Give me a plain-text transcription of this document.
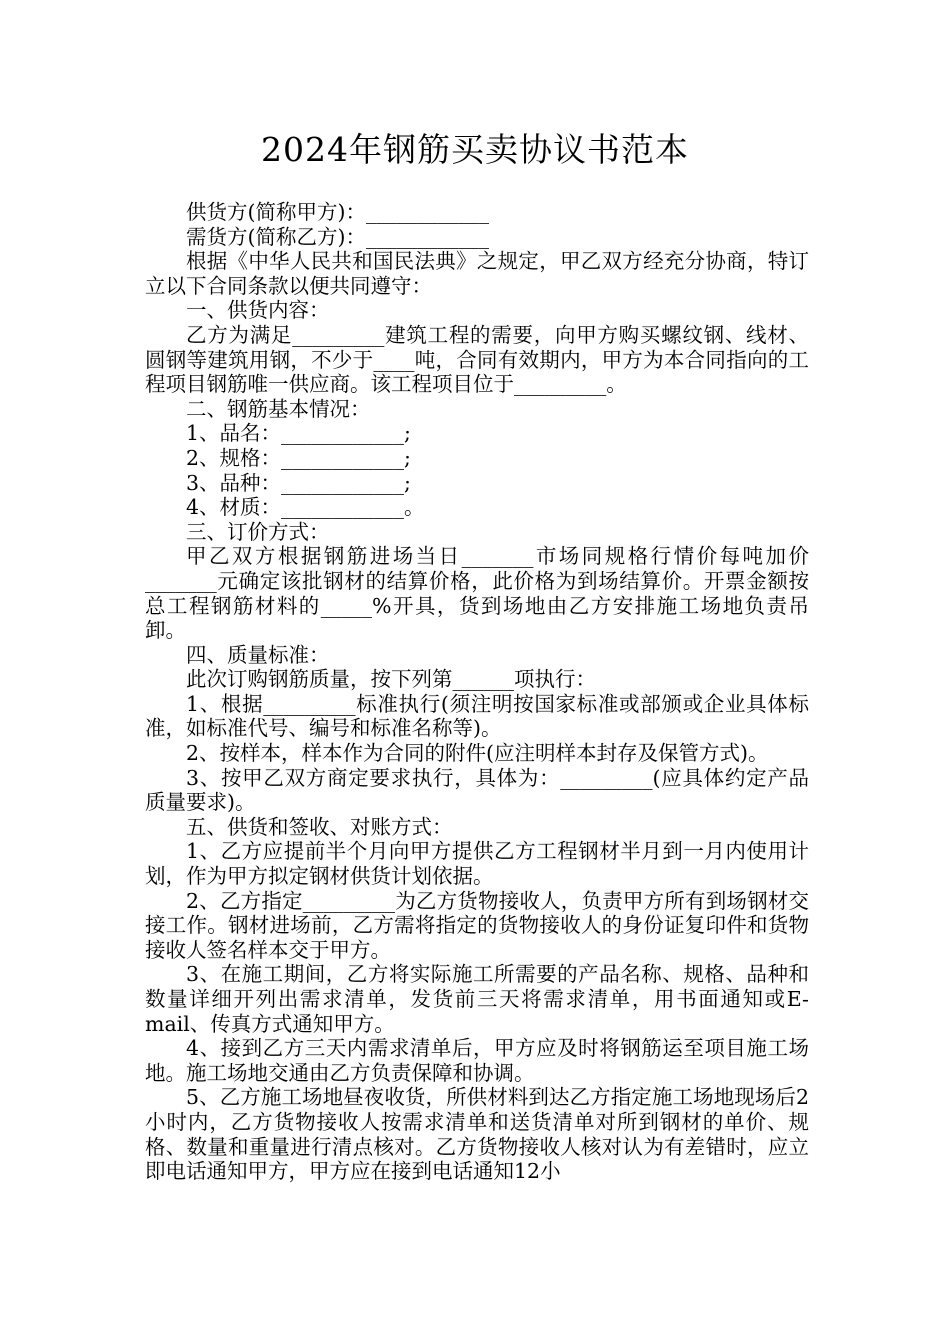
2024年钢筋买卖协议书范本

供货方(简称甲方)：____________

需货方(简称乙方)：____________

根据《中华人民共和国民法典》之规定，甲乙双方经充分协商，特订立以下合同条款以便共同遵守：

一、供货内容：

乙方为满足_________建筑工程的需要，向甲方购买螺纹钢、线材、圆钢等建筑用钢，不少于____吨，合同有效期内，甲方为本合同指向的工程项目钢筋唯一供应商。该工程项目位于_________。

二、钢筋基本情况：

1、品名：____________;

2、规格：____________;

3、品种：____________;

4、材质：____________。

三、订价方式：

甲乙双方根据钢筋进场当日_______市场同规格行情价每吨加价_______元确定该批钢材的结算价格，此价格为到场结算价。开票金额按总工程钢筋材料的_____%开具，货到场地由乙方安排施工场地负责吊卸。

四、质量标准：

此次订购钢筋质量，按下列第______项执行：

1、根据_________标准执行(须注明按国家标准或部颁或企业具体标准，如标准代号、编号和标准名称等)。

2、按样本，样本作为合同的附件(应注明样本封存及保管方式)。

3、按甲乙双方商定要求执行，具体为：_________(应具体约定产品质量要求)。

五、供货和签收、对账方式：

1、乙方应提前半个月向甲方提供乙方工程钢材半月到一月内使用计划，作为甲方拟定钢材供货计划依据。

2、乙方指定_________为乙方货物接收人，负责甲方所有到场钢材交接工作。钢材进场前，乙方需将指定的货物接收人的身份证复印件和货物接收人签名样本交于甲方。

3、在施工期间，乙方将实际施工所需要的产品名称、规格、品种和数量详细开列出需求清单，发货前三天将需求清单，用书面通知或E-mail、传真方式通知甲方。

4、接到乙方三天内需求清单后，甲方应及时将钢筋运至项目施工场地。施工场地交通由乙方负责保障和协调。

5、乙方施工场地昼夜收货，所供材料到达乙方指定施工场地现场后2小时内，乙方货物接收人按需求清单和送货清单对所到钢材的单价、规格、数量和重量进行清点核对。乙方货物接收人核对认为有差错时，应立即电话通知甲方，甲方应在接到电话通知12小
